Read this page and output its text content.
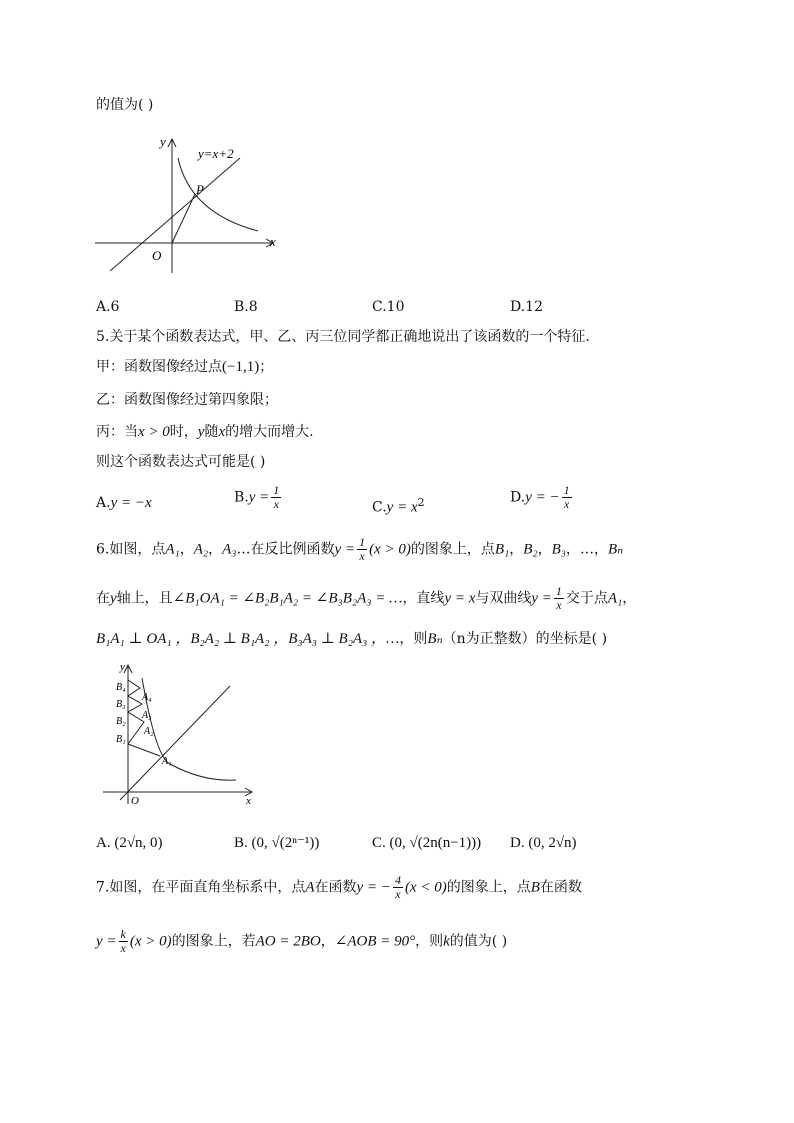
的值为( )
y
x
O
y=x+2
P
A.6	B.8	C.10	D.12
5.关于某个函数表达式，甲、乙、丙三位同学都正确地说出了该函数的一个特征.
甲：函数图像经过点(−1,1)；
乙：函数图像经过第四象限；
丙：当x > 0时，y随x的增大而增大.
则这个函数表达式可能是( )
A.y = −x	$B.y = \frac{1}{x}$	$C.y = x^2$	D.y = − $\frac{1}{x}$
6.如图，点A₁，A₂，A₃…在反比例函数$y = \frac{1}{x} (x > 0)$的图象上，点B₁，B₂，B₃，…，Bₙ
在y轴上，且∠B₁OA₁ = ∠B₂B₁A₂ = ∠B₃B₂A₃ = …，直线y = x与双曲线$y = \frac{1}{x}$ 交于点A₁，
B₁A₁ ⊥ OA₁ ，B₂A₂ ⊥ B₁A₂ ，B₃A₃ ⊥ B₂A₃ ，…，则Bₙ（n为正整数）的坐标是( )
y
x
O
B₁
B₂
B₃
B₄
A₁
A₂
A₃
A₄
A. (2√n, 0)	B. (0, √(2ⁿ⁻¹))	C. (0, √(2n(n−1))) D. (0, 2√n)
7.如图，在平面直角坐标系中，点A在函数y = − $\frac{4}{x} (x < 0)$的图象上，点B在函数
$y = \frac{k}{x} (x > 0)$的图象上，若AO = 2BO，∠AOB = 90°，则k的值为( )
